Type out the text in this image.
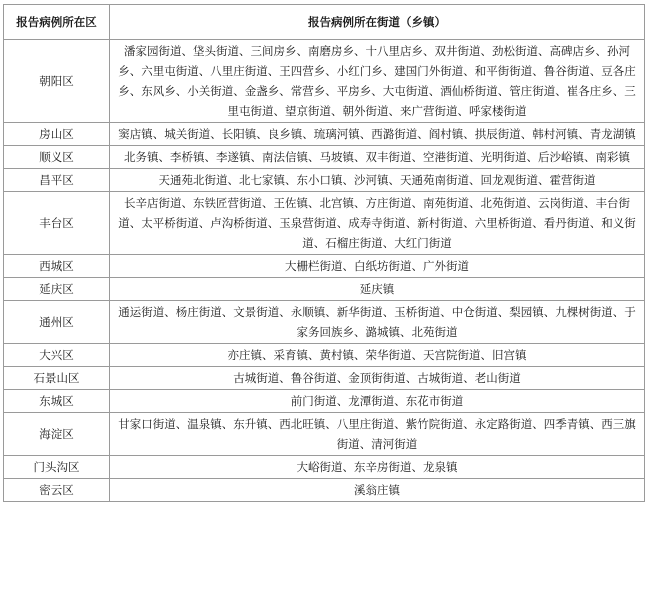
报告病例所在区	报告病例所在街道（乡镇）
朝阳区	潘家园街道、垡头街道、三间房乡、南磨房乡、十八里店乡、双井街道、劲松街道、高碑店乡、孙河乡、六里屯街道、八里庄街道、王四营乡、小红门乡、建国门外街道、和平街街道、鲁谷街道、豆各庄乡、东风乡、小关街道、金盏乡、常营乡、平房乡、大屯街道、酒仙桥街道、管庄街道、崔各庄乡、三里屯街道、望京街道、朝外街道、来广营街道、呼家楼街道
房山区	窦店镇、城关街道、长阳镇、良乡镇、琉璃河镇、西潞街道、阎村镇、拱辰街道、韩村河镇、青龙湖镇
顺义区	北务镇、李桥镇、李遂镇、南法信镇、马坡镇、双丰街道、空港街道、光明街道、后沙峪镇、南彩镇
昌平区	天通苑北街道、北七家镇、东小口镇、沙河镇、天通苑南街道、回龙观街道、霍营街道
丰台区	长辛店街道、东铁匠营街道、王佐镇、北宫镇、方庄街道、南苑街道、北苑街道、云岗街道、丰台街道、太平桥街道、卢沟桥街道、玉泉营街道、成寿寺街道、新村街道、六里桥街道、看丹街道、和义街道、石榴庄街道、大红门街道
西城区	大栅栏街道、白纸坊街道、广外街道
延庆区	延庆镇
通州区	通运街道、杨庄街道、文景街道、永顺镇、新华街道、玉桥街道、中仓街道、梨园镇、九棵树街道、于家务回族乡、潞城镇、北苑街道
大兴区	亦庄镇、采育镇、黄村镇、荣华街道、天宫院街道、旧宫镇
石景山区	古城街道、鲁谷街道、金顶街街道、古城街道、老山街道
东城区	前门街道、龙潭街道、东花市街道
海淀区	甘家口街道、温泉镇、东升镇、西北旺镇、八里庄街道、紫竹院街道、永定路街道、四季青镇、西三旗街道、清河街道
门头沟区	大峪街道、东辛房街道、龙泉镇
密云区	溪翁庄镇
